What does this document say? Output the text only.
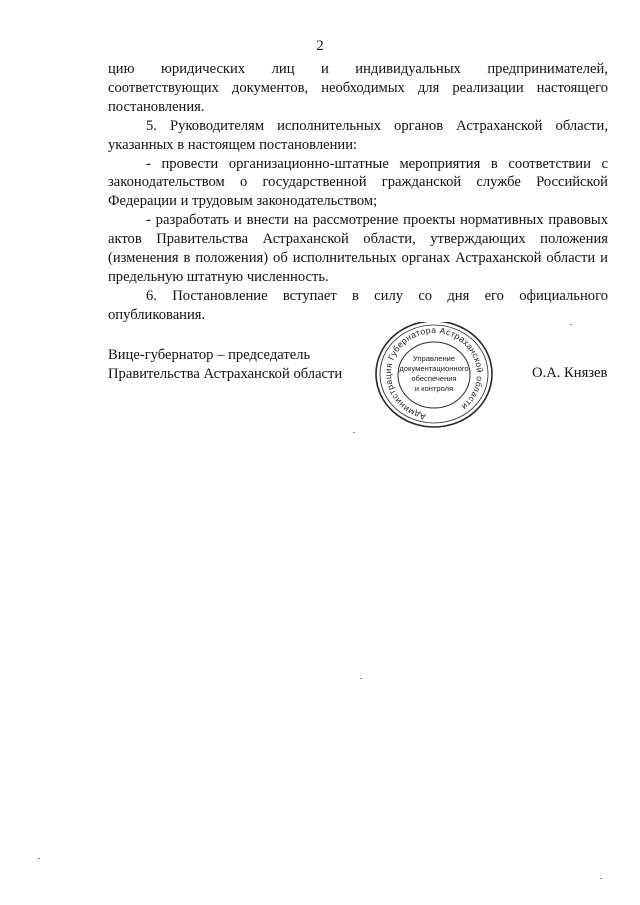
2

цию юридических лиц и индивидуальных предпринимателей, соответствующих документов, необходимых для реализации настоящего постановления.

5. Руководителям исполнительных органов Астраханской области, указанных в настоящем постановлении:

- провести организационно-штатные мероприятия в соответствии с законодательством о государственной гражданской службе Российской Федерации и трудовым законодательством;

- разработать и внести на рассмотрение проекты нормативных правовых актов Правительства Астраханской области, утверждающих положения (изменения в положения) об исполнительных органах Астраханской области и предельную штатную численность.

6. Постановление вступает в силу со дня его официального опубликования.

Вице-губернатор – председатель
Правительства Астраханской области	О.А. Князев
Администрация Губернатора Астраханской области
Управление
документационного
обеспечения
и контроля
